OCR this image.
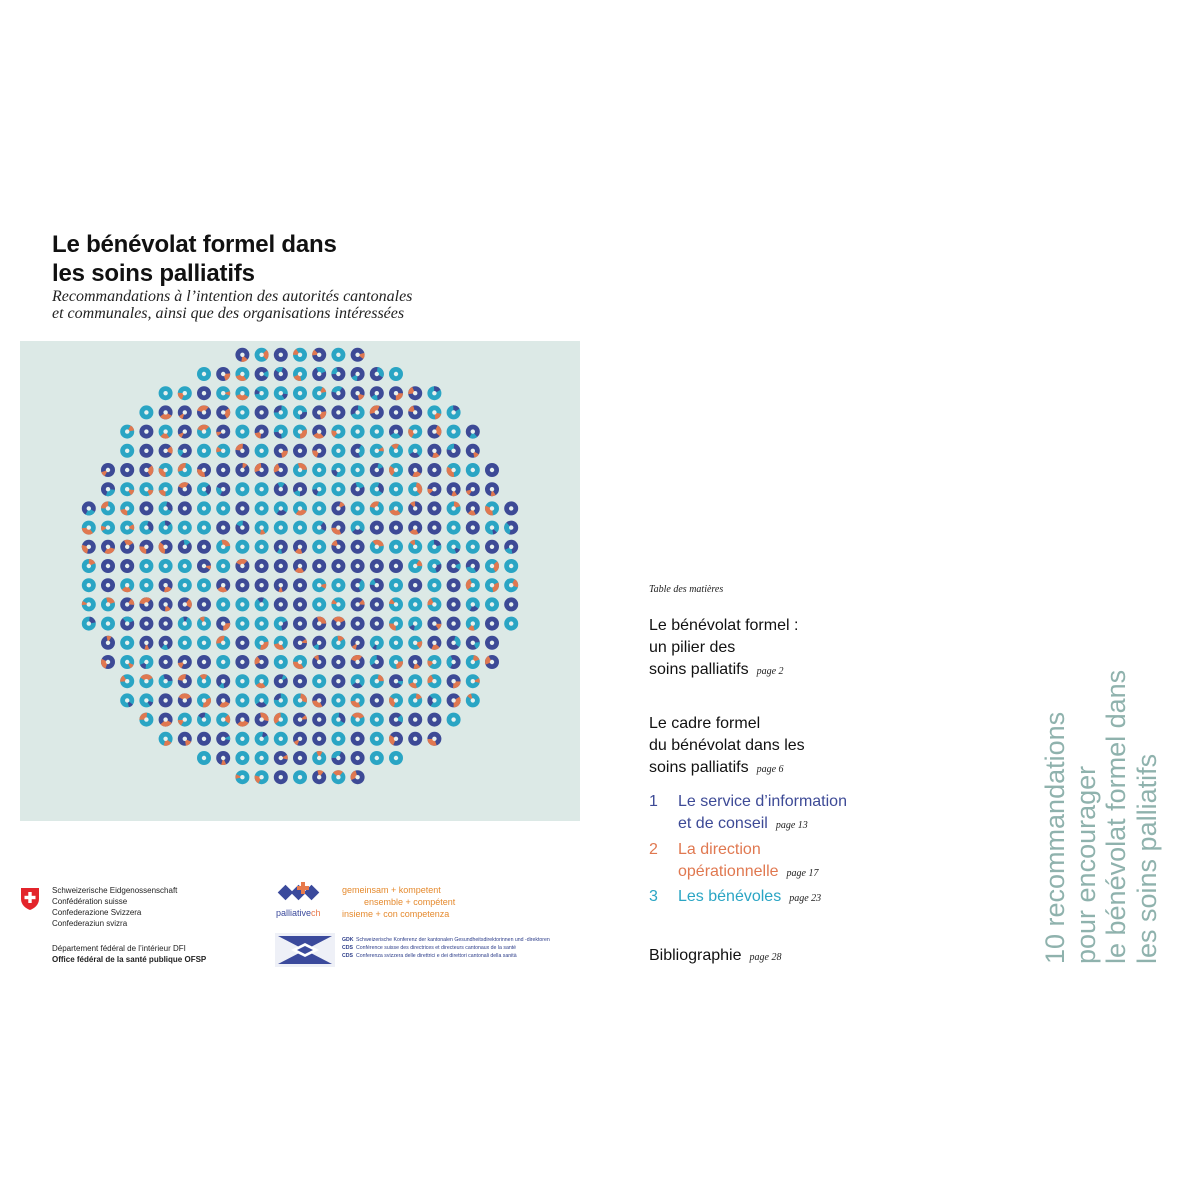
Le bénévolat formel dans
les soins palliatifs
Recommandations à l’intention des autorités cantonales
et communales, ainsi que des organisations intéressées
Schweizerische Eidgenossenschaft
Confédération suisse
Confederazione Svizzera
Confederaziun svizra
Département fédéral de l’intérieur DFI
Office fédéral de la santé publique OFSP
palliativech
gemeinsam + kompetent
ensemble + compétent
insieme + con competenza
GDK Schweizerische Konferenz der kantonalen Gesundheitsdirektorinnen und -direktoren
CDS Conférence suisse des directrices et directeurs cantonaux de la santé
CDS Conferenza svizzera delle direttrici e dei direttori cantonali della sanità
Table des matières
Le bénévolat formel :
un pilier des
soins palliatifs page 2
Le cadre formel
du bénévolat dans les
soins palliatifs page 6
1 Le service d’information
et de conseil page 13
2 La direction
opérationnelle page 17
3 Les bénévoles page 23
Bibliographie page 28	10 recommandations pour encourager le bénévolat formel dans les soins palliatifs
